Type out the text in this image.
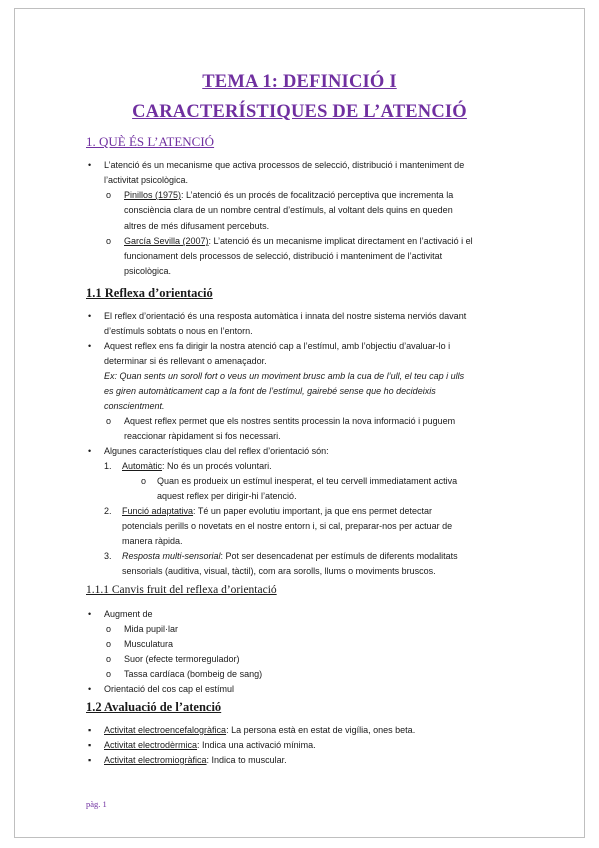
TEMA 1: DEFINICIÓ I
CARACTERÍSTIQUES DE L’ATENCIÓ
1. QUÈ ÉS L’ATENCIÓ
• L’atenció és un mecanisme que activa processos de selecció, distribució i manteniment de
l’activitat psicològica.
o Pinillos (1975): L’atenció és un procés de focalització perceptiva que incrementa la
consciència clara de un nombre central d’estímuls, al voltant dels quins en queden
altres de més difusament percebuts.
o García Sevilla (2007): L’atenció és un mecanisme implicat directament en l’activació i el
funcionament dels processos de selecció, distribució i manteniment de l’activitat
psicològica.
1.1 Reflexa d’orientació
• El reflex d’orientació és una resposta automàtica i innata del nostre sistema nerviós davant
d’estímuls sobtats o nous en l’entorn.
• Aquest reflex ens fa dirigir la nostra atenció cap a l’estímul, amb l’objectiu d’avaluar-lo i
determinar si és rellevant o amenaçador.
Ex: Quan sents un soroll fort o veus un moviment brusc amb la cua de l’ull, el teu cap i ulls
es giren automàticament cap a la font de l’estímul, gairebé sense que ho decideixis
conscientment.
o Aquest reflex permet que els nostres sentits processin la nova informació i puguem
reaccionar ràpidament si fos necessari.
• Algunes característiques clau del reflex d’orientació són:
1. Automàtic: No és un procés voluntari.
o Quan es produeix un estímul inesperat, el teu cervell immediatament activa
aquest reflex per dirigir-hi l’atenció.
2. Funció adaptativa: Té un paper evolutiu important, ja que ens permet detectar
potencials perills o novetats en el nostre entorn i, si cal, preparar-nos per actuar de
manera ràpida.
3. Resposta multi-sensorial: Pot ser desencadenat per estímuls de diferents modalitats
sensorials (auditiva, visual, tàctil), com ara sorolls, llums o moviments bruscos.
1.1.1 Canvis fruit del reflexa d’orientació
• Augment de
o Mida pupil·lar
o Musculatura
o Suor (efecte termoregulador)
o Tassa cardíaca (bombeig de sang)
• Orientació del cos cap el estímul
1.2 Avaluació de l’atenció
▪ Activitat electroencefalogràfica: La persona està en estat de vigília, ones beta.
▪ Activitat electrodèrmica: Indica una activació mínima.
▪ Activitat electromiogràfica: Indica to muscular.
pàg. 1
